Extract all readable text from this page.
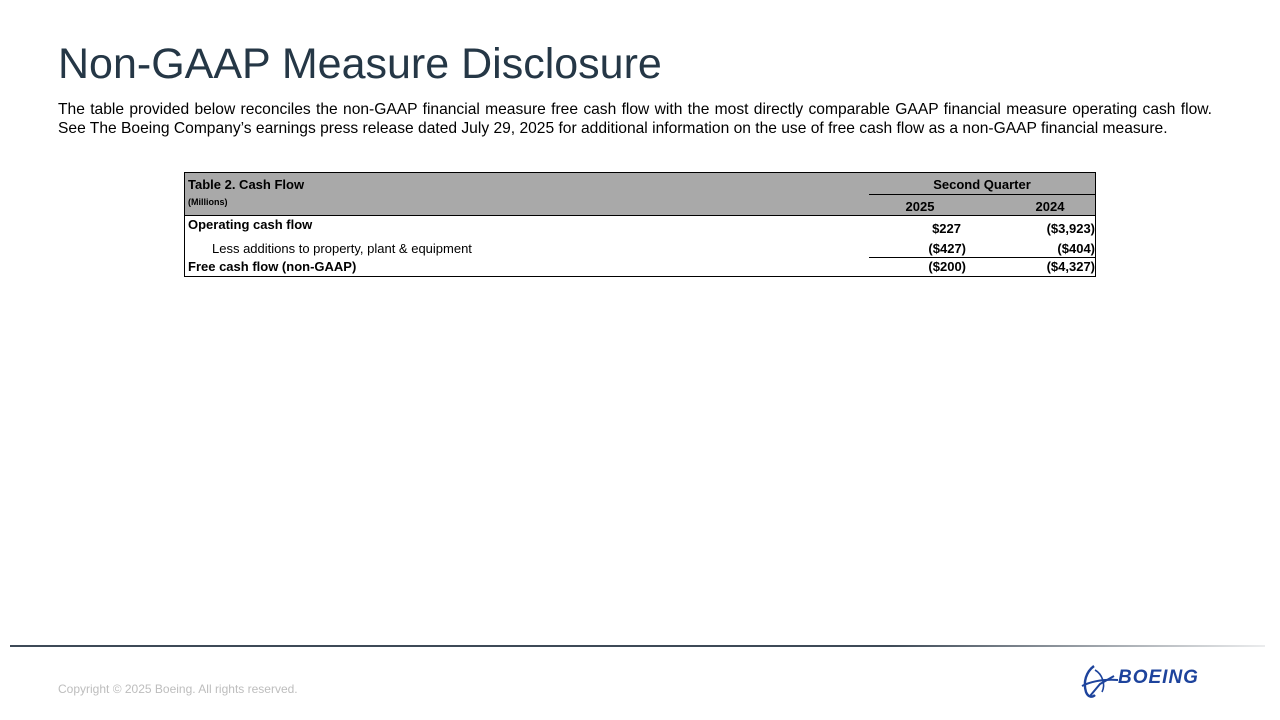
Non-GAAP Measure Disclosure

The table provided below reconciles the non-GAAP financial measure free cash flow with the most directly comparable GAAP financial measure operating cash flow. See The Boeing Company’s earnings press release dated July 29, 2025 for additional information on the use of free cash flow as a non-GAAP financial measure.

Table 2. Cash Flow
(Millions)
Second Quarter
2025	2024
Operating cash flow	$227	($3,923)
Less additions to property, plant & equipment	($427)	($404)
Free cash flow (non-GAAP)	($200)	($4,327)
Copyright © 2025 Boeing. All rights reserved.
BOEING
